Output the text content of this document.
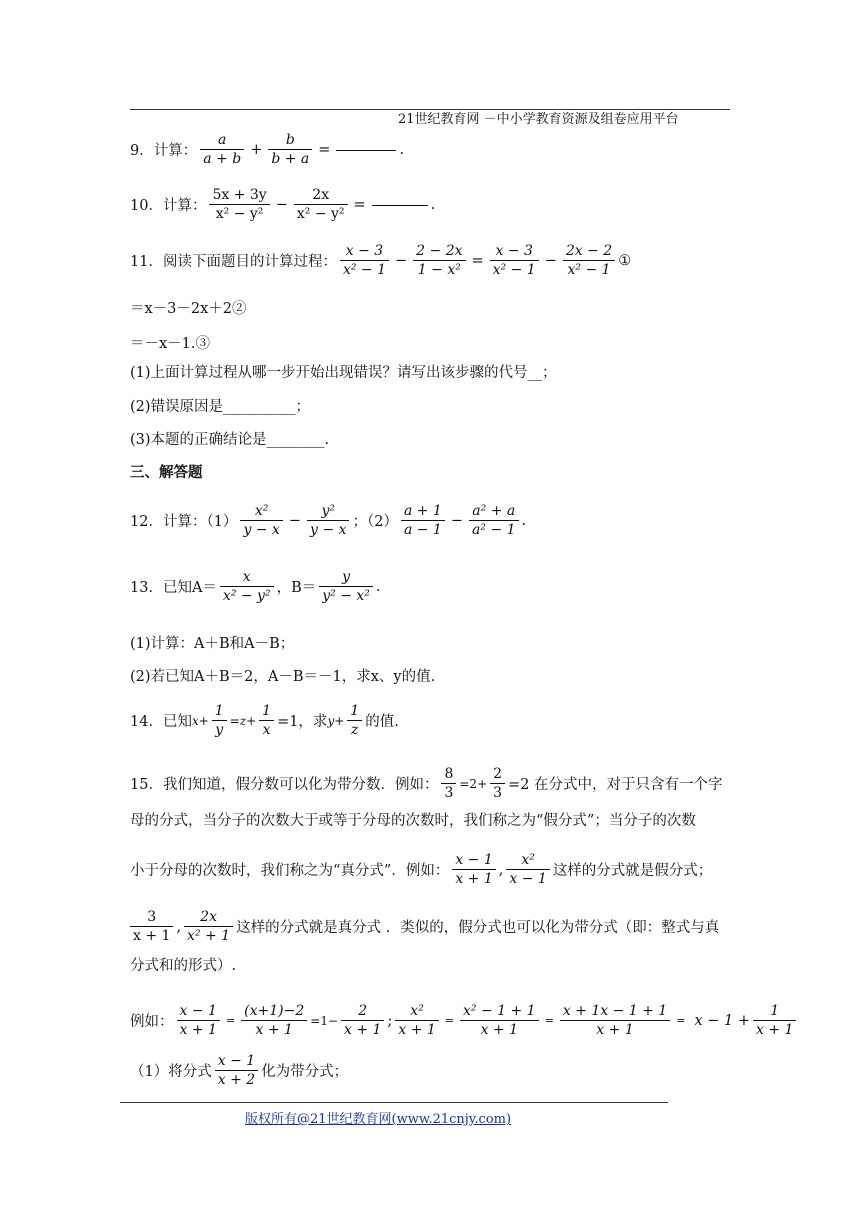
21世纪教育网 －中小学教育资源及组卷应用平台
9．计算： $\frac{a}{a + b} + \frac{b}{b + a}$ =	.
10．计算： $\frac{5x + 3y}{\text{x² − y²}} - \frac{2x}{\text{x² − y²}}$ =	.
11．阅读下面题目的计算过程： $\frac{x - 3}{\text{x² − 1}} - \frac{2 - 2x}{\text{1 − x²}} = \frac{x - 3}{\text{x² − 1}} - \frac{2x - 2}{\text{x² − 1}}$ ①
＝x－3－2x＋2②
＝－x－1.③
(1)上面计算过程从哪一步开始出现错误？请写出该步骤的代号__；
(2)错误原因是__________；
(3)本题的正确结论是________.
三、解答题
12．计算：$(1) \frac{\text{x²}}{y - x} - \frac{\text{y²}}{y - x}$ ；$(2) \frac{a + 1}{a - 1} - \frac{\text{a² + a}}{\text{a² − 1}}$ .
13．已知$A= \frac{x}{\text{x² − y²}}$ ，$B= \frac{y}{\text{y² − x²}}$ .
(1)计算：A＋B和A－B；
(2)若已知A＋B＝2，A－B＝－1，求x、y的值.
14．已知 $x+ \frac{1}{y} =z+ \frac{1}{x} =1$，求 $y+ \frac{1}{z}$ 的值.
15．我们知道，假分数可以化为带分数．例如： $\frac{8}{3} =2+ \frac{2}{3} =2$ 在分式中，对于只含有一个字
母的分式，当分子的次数大于或等于分母的次数时，我们称之为“假分式”；当分子的次数
小于分母的次数时，我们称之为“真分式”．例如： $\frac{x - 1}{x + 1}$ , $\frac{\text{x²}}{x - 1}$ 这样的分式就是假分式；
$\frac{3}{x + 1}$ , $\frac{2x}{\text{x² + 1}}$ 这样的分式就是真分式 ．类似的，假分式也可以化为带分式（即：整式与真
分式和的形式）.
例如： $\frac{x - 1}{x + 1} = \frac{(x+1)-2}{x + 1} =1- \frac{2}{x + 1}$ ; $\frac{\text{x²}}{x + 1} = \frac{\text{x² − 1 + 1}}{x + 1} = \frac{x + 1x - 1 + 1}{x + 1} = x - 1 + \frac{1}{x + 1}$
（1）将分式 $\frac{x - 1}{x + 2}$ 化为带分式；
版权所有@21世纪教育网(www.21cnjy.com)
